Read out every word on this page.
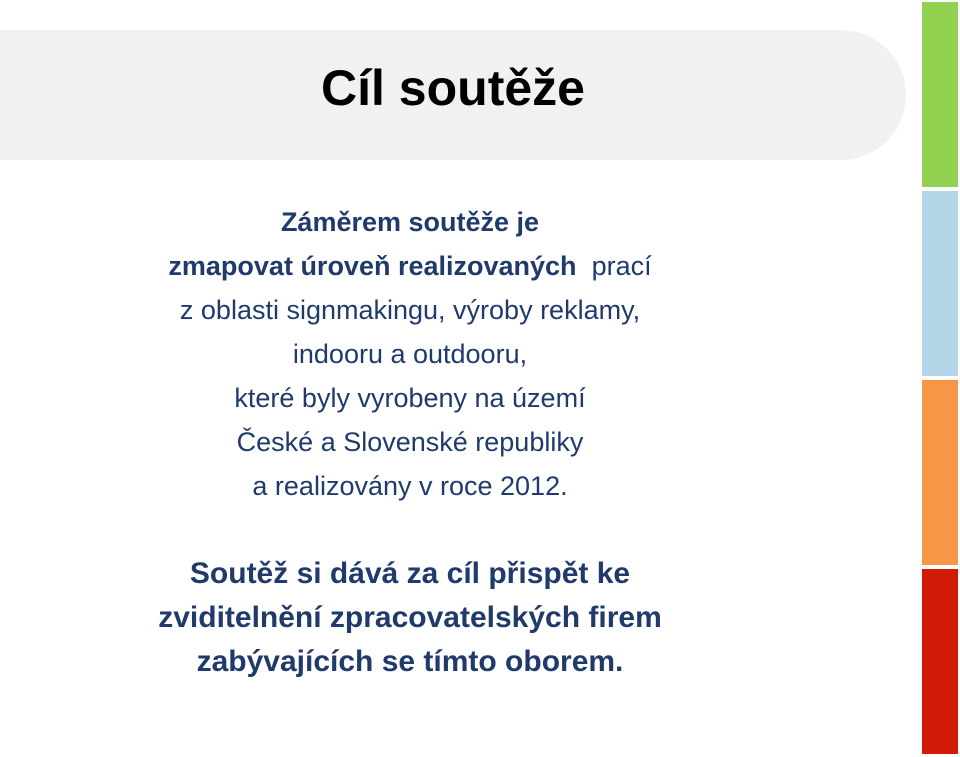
Cíl soutěže
Záměrem soutěže je
zmapovat úroveň realizovaných prací
z oblasti signmakingu, výroby reklamy,
indooru a outdooru,
které byly vyrobeny na území
České a Slovenské republiky
a realizovány v roce 2012.
Soutěž si dává za cíl přispět ke
zviditelnění zpracovatelských firem
zabývajících se tímto oborem.
